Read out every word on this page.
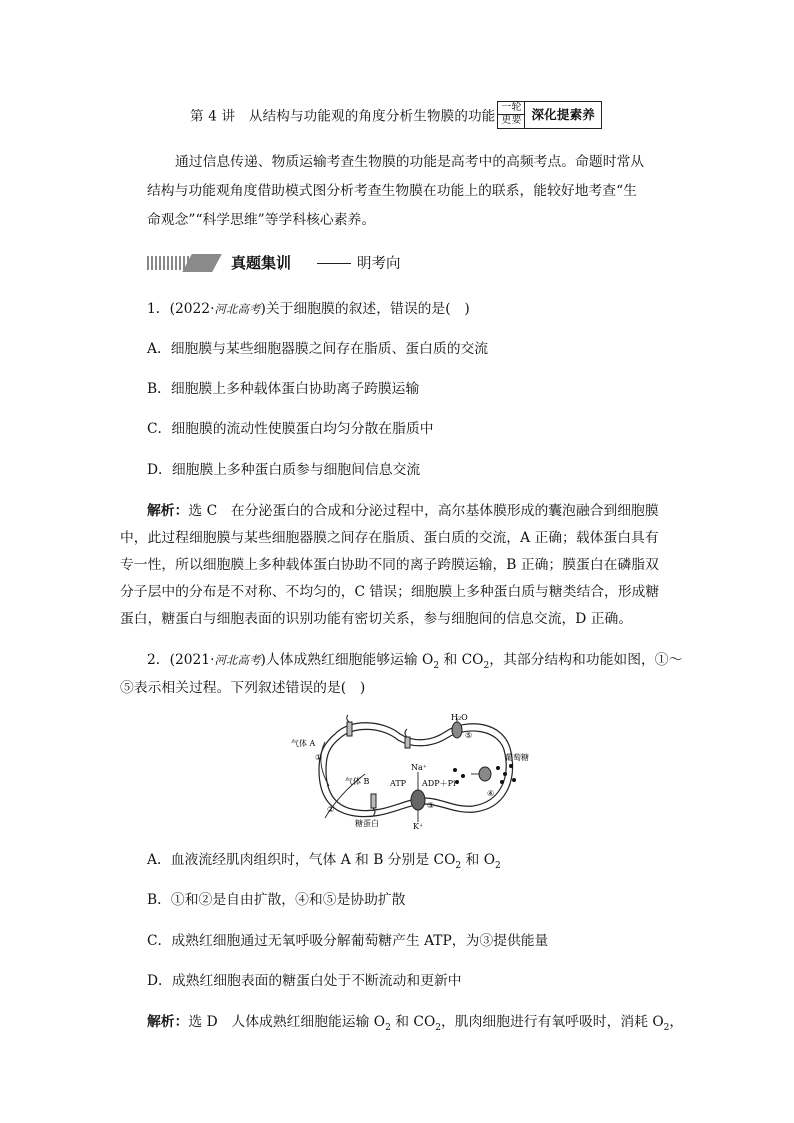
第 4 讲　从结构与功能观的角度分析生物膜的功能
一轮
更要 深化提素养
通过信息传递、物质运输考查生物膜的功能是高考中的高频考点。命题时常从结构与功能观角度借助模式图分析考查生物膜在功能上的联系，能较好地考查“生命观念”“科学思维”等学科核心素养。
真题集训	明考向
1．(2022·河北高考)关于细胞膜的叙述，错误的是(　)
A．细胞膜与某些细胞器膜之间存在脂质、蛋白质的交流
B．细胞膜上多种载体蛋白协助离子跨膜运输
C．细胞膜的流动性使膜蛋白均匀分散在脂质中
D．细胞膜上多种蛋白质参与细胞间信息交流
解析：选 C　在分泌蛋白的合成和分泌过程中，高尔基体膜形成的囊泡融合到细胞膜
中，此过程细胞膜与某些细胞器膜之间存在脂质、蛋白质的交流，A 正确；载体蛋白具有
专一性，所以细胞膜上多种载体蛋白协助不同的离子跨膜运输，B 正确；膜蛋白在磷脂双
分子层中的分布是不对称、不均匀的，C 错误；细胞膜上多种蛋白质与糖类结合，形成糖
蛋白，糖蛋白与细胞表面的识别功能有密切关系，参与细胞间的信息交流，D 正确。
2．(2021·河北高考)人体成熟红细胞能够运输 $O_2$ 和 $CO_2$，其部分结构和功能如图，①～
⑤表示相关过程。下列叙述错误的是(　)
气体 A
气体 B
H₂O
葡萄糖
Na⁺
ATP ADP＋Pi
K⁺
糖蛋白
①
②	③
④
⑤
A．血液流经肌肉组织时，气体 A 和 B 分别是 $CO_2$ 和 $O_2$
B．①和②是自由扩散，④和⑤是协助扩散
C．成熟红细胞通过无氧呼吸分解葡萄糖产生 ATP，为③提供能量
D．成熟红细胞表面的糖蛋白处于不断流动和更新中
解析：选 D　人体成熟红细胞能运输 $O_2$ 和 $CO_2$，肌肉细胞进行有氧呼吸时，消耗 $O_2$，
